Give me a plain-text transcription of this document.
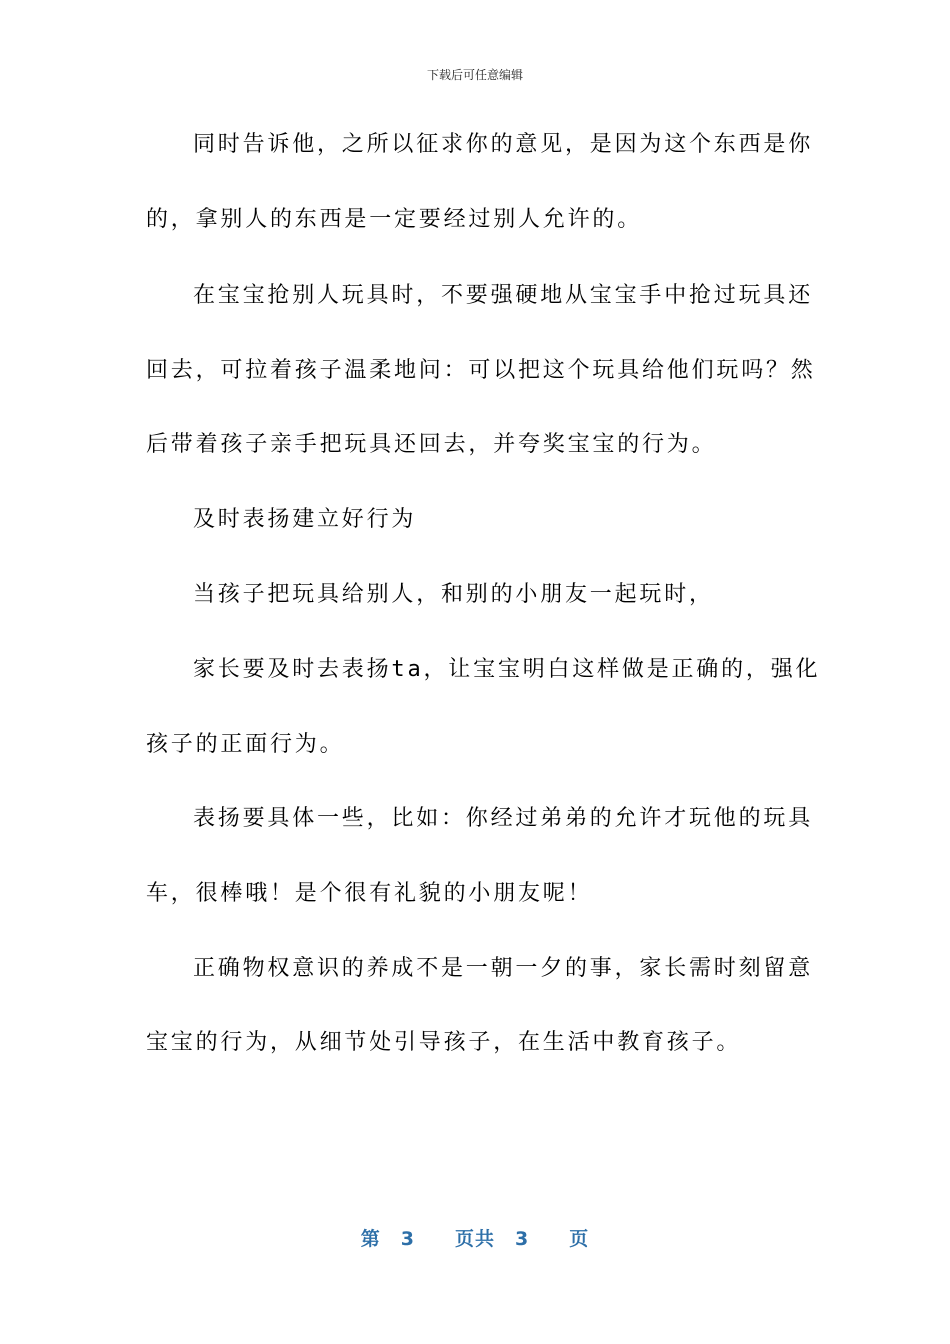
下载后可任意编辑
同时告诉他，之所以征求你的意见，是因为这个东西是你
的，拿别人的东西是一定要经过别人允许的。
在宝宝抢别人玩具时，不要强硬地从宝宝手中抢过玩具还
回去，可拉着孩子温柔地问：可以把这个玩具给他们玩吗？然
后带着孩子亲手把玩具还回去，并夸奖宝宝的行为。
及时表扬建立好行为
当孩子把玩具给别人，和别的小朋友一起玩时，
家长要及时去表扬ta，让宝宝明白这样做是正确的，强化
孩子的正面行为。
表扬要具体一些，比如：你经过弟弟的允许才玩他的玩具
车，很棒哦！是个很有礼貌的小朋友呢！
正确物权意识的养成不是一朝一夕的事，家长需时刻留意
宝宝的行为，从细节处引导孩子，在生活中教育孩子。
第 3 页共 3 页
